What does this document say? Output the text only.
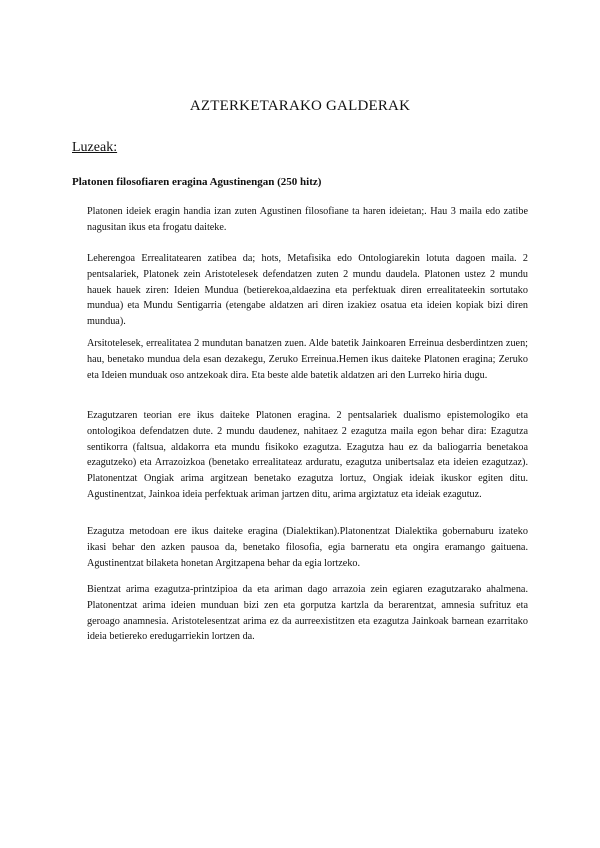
AZTERKETARAKO GALDERAK
Luzeak:
Platonen filosofiaren eragina Agustinengan (250 hitz)

Platonen ideiek eragin handia izan zuten Agustinen filosofiane ta haren ideietan;. Hau 3 maila edo zatibe nagusitan ikus eta frogatu daiteke.

Leherengoa Errealitatearen zatibea da; hots, Metafisika edo Ontologiarekin lotuta dagoen maila. 2 pentsalariek, Platonek zein Aristotelesek defendatzen zuten 2 mundu daudela. Platonen ustez 2 mundu hauek hauek ziren: Ideien Mundua (betierekoa,aldaezina eta perfektuak diren errealitateekin sortutako mundua) eta Mundu Sentigarria (etengabe aldatzen ari diren izakiez osatua eta ideien kopiak bizi diren mundua).

Arsitotelesek, errealitatea 2 mundutan banatzen zuen. Alde batetik Jainkoaren Erreinua desberdintzen zuen; hau, benetako mundua dela esan dezakegu, Zeruko Erreinua.Hemen ikus daiteke Platonen eragina; Zeruko eta Ideien munduak oso antzekoak dira. Eta beste alde batetik aldatzen ari den Lurreko hiria dugu.

Ezagutzaren teorian ere ikus daiteke Platonen eragina. 2 pentsalariek dualismo epistemologiko eta ontologikoa defendatzen dute. 2 mundu daudenez, nahitaez 2 ezagutza maila egon behar dira: Ezagutza sentikorra (faltsua, aldakorra eta mundu fisikoko ezagutza. Ezagutza hau ez da baliogarria benetakoa ezagutzeko) eta Arrazoizkoa (benetako errealitateaz arduratu, ezagutza unibertsalaz eta ideien ezagutzaz). Platonentzat Ongiak arima argitzean benetako ezagutza lortuz, Ongiak ideiak ikuskor egiten ditu. Agustinentzat, Jainkoa ideia perfektuak ariman jartzen ditu, arima argiztatuz eta ideiak ezagutuz.

Ezagutza metodoan ere ikus daiteke eragina (Dialektikan).Platonentzat Dialektika gobernaburu izateko ikasi behar den azken pausoa da, benetako filosofia, egia barneratu eta ongira eramango gaituena. Agustinentzat bilaketa honetan Argitzapena behar da egia lortzeko.

Bientzat arima ezagutza-printzipioa da eta ariman dago arrazoia zein egiaren ezagutzarako ahalmena. Platonentzat arima ideien munduan bizi zen eta gorputza kartzla da berarentzat, amnesia sufrituz eta geroago anamnesia. Aristotelesentzat arima ez da aurreexistitzen eta ezagutza Jainkoak barnean ezarritako ideia betiereko eredugarriekin lortzen da.
